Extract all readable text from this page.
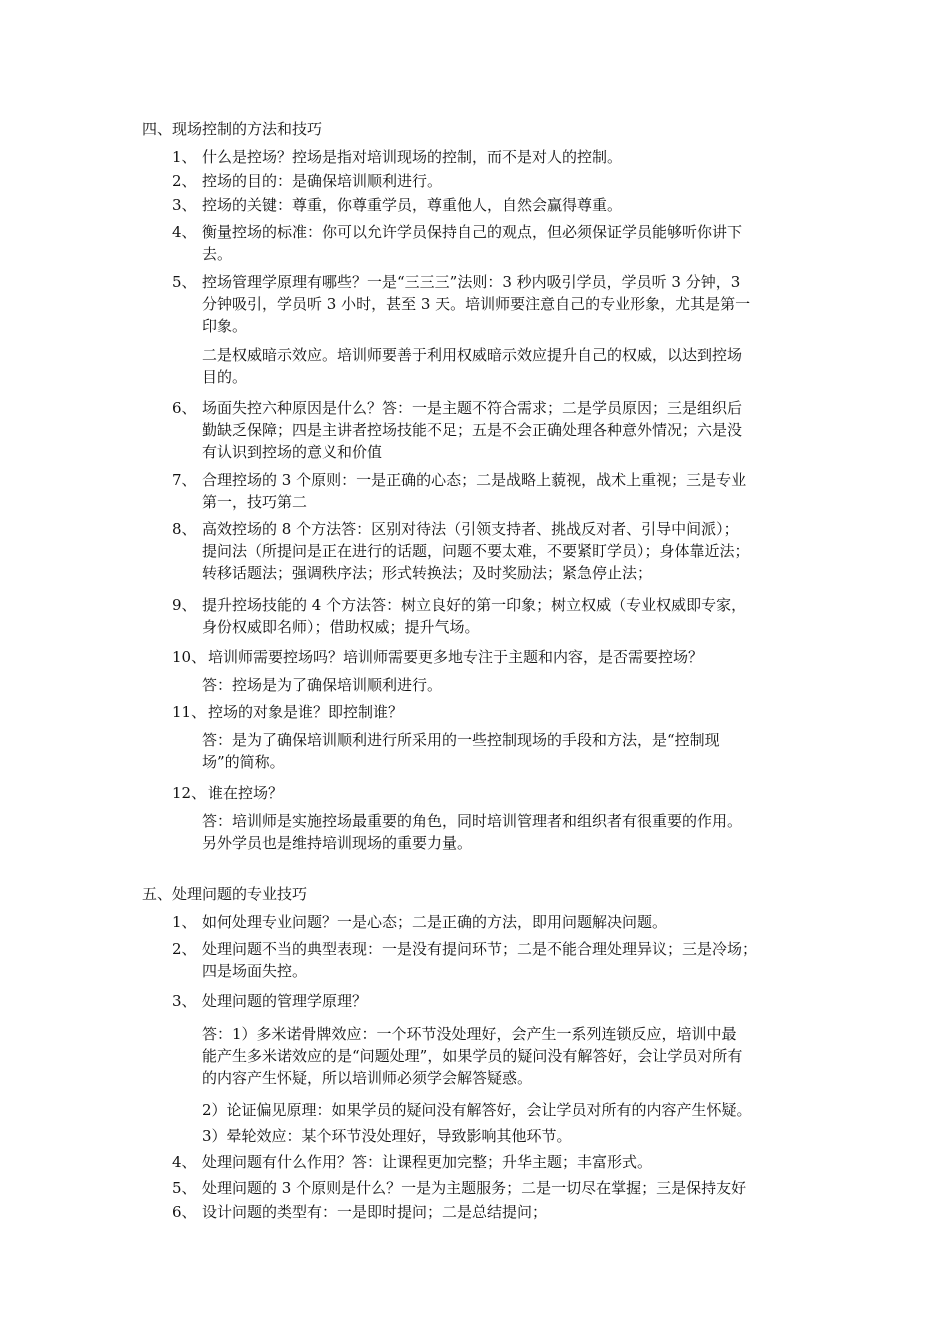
四、现场控制的方法和技巧
1、 什么是控场？控场是指对培训现场的控制，而不是对人的控制。
2、 控场的目的：是确保培训顺利进行。
3、 控场的关键：尊重，你尊重学员，尊重他人，自然会赢得尊重。
4、 衡量控场的标准：你可以允许学员保持自己的观点，但必须保证学员能够听你讲下
去。
5、 控场管理学原理有哪些？一是“三三三”法则：3 秒内吸引学员，学员听 3 分钟，3
分钟吸引，学员听 3 小时，甚至 3 天。培训师要注意自己的专业形象，尤其是第一
印象。
二是权威暗示效应。培训师要善于利用权威暗示效应提升自己的权威，以达到控场
目的。
6、 场面失控六种原因是什么？答：一是主题不符合需求；二是学员原因；三是组织后
勤缺乏保障；四是主讲者控场技能不足；五是不会正确处理各种意外情况；六是没
有认识到控场的意义和价值
7、 合理控场的 3 个原则：一是正确的心态；二是战略上藐视，战术上重视；三是专业
第一，技巧第二
8、 高效控场的 8 个方法答：区别对待法（引领支持者、挑战反对者、引导中间派）；
提问法（所提问是正在进行的话题，问题不要太难，不要紧盯学员）；身体靠近法；
转移话题法；强调秩序法；形式转换法；及时奖励法；紧急停止法；
9、 提升控场技能的 4 个方法答：树立良好的第一印象；树立权威（专业权威即专家，
身份权威即名师）；借助权威；提升气场。
10、 培训师需要控场吗？培训师需要更多地专注于主题和内容，是否需要控场？
答：控场是为了确保培训顺利进行。
11、 控场的对象是谁？即控制谁？
答：是为了确保培训顺利进行所采用的一些控制现场的手段和方法，是“控制现
场”的简称。
12、 谁在控场？
答：培训师是实施控场最重要的角色，同时培训管理者和组织者有很重要的作用。
另外学员也是维持培训现场的重要力量。
五、处理问题的专业技巧
1、 如何处理专业问题？一是心态；二是正确的方法，即用问题解决问题。
2、 处理问题不当的典型表现：一是没有提问环节；二是不能合理处理异议；三是冷场；
四是场面失控。
3、 处理问题的管理学原理？
答：1）多米诺骨牌效应：一个环节没处理好，会产生一系列连锁反应，培训中最
能产生多米诺效应的是“问题处理”，如果学员的疑问没有解答好，会让学员对所有
的内容产生怀疑，所以培训师必须学会解答疑惑。
2）论证偏见原理：如果学员的疑问没有解答好，会让学员对所有的内容产生怀疑。
3）晕轮效应：某个环节没处理好，导致影响其他环节。
4、 处理问题有什么作用？答：让课程更加完整；升华主题；丰富形式。
5、 处理问题的 3 个原则是什么？一是为主题服务；二是一切尽在掌握；三是保持友好
6、 设计问题的类型有：一是即时提问；二是总结提问；
